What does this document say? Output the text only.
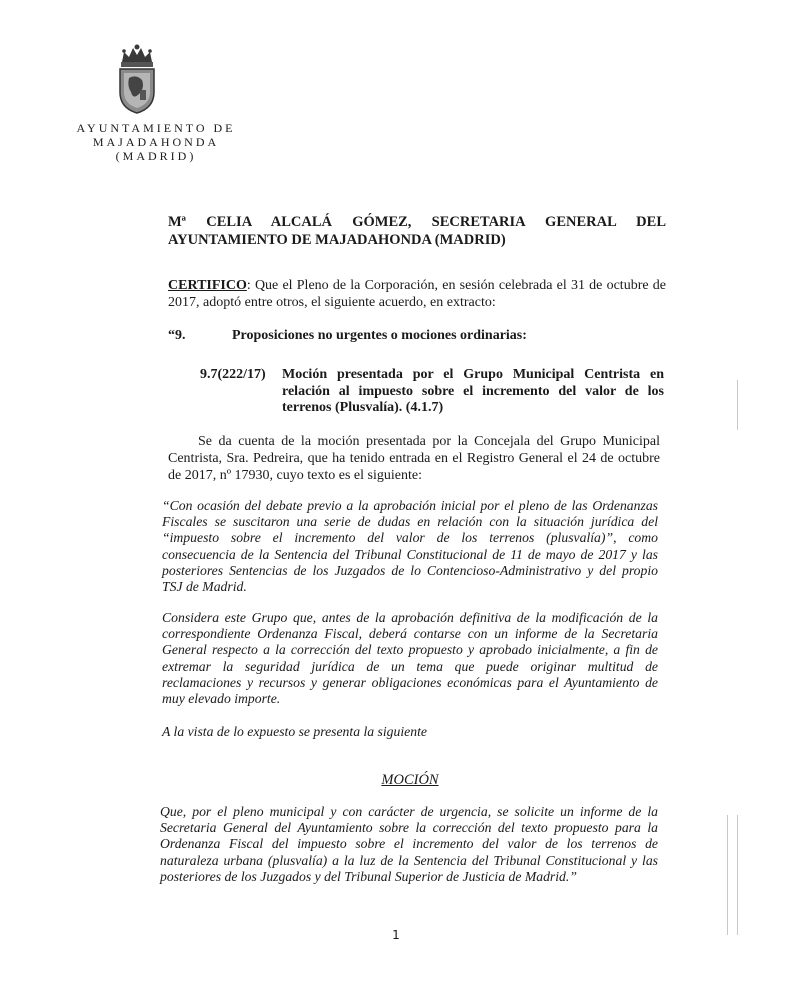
AYUNTAMIENTO DE
MAJADAHONDA
(MADRID)
Mª CELIA ALCALÁ GÓMEZ, SECRETARIA GENERAL DEL
AYUNTAMIENTO DE MAJADAHONDA (MADRID)
CERTIFICO: Que el Pleno de la Corporación, en sesión celebrada el 31 de octubre de
2017, adoptó entre otros, el siguiente acuerdo, en extracto:
“9.	Proposiciones no urgentes o mociones ordinarias:
9.7(222/17) Moción presentada por el Grupo Municipal Centrista en
relación al impuesto sobre el incremento del valor de los
terrenos (Plusvalía). (4.1.7)
Se da cuenta de la moción presentada por la Concejala del Grupo Municipal
Centrista, Sra. Pedreira, que ha tenido entrada en el Registro General el 24 de octubre
de 2017, nº 17930, cuyo texto es el siguiente:
“Con ocasión del debate previo a la aprobación inicial por el pleno de las Ordenanzas
Fiscales se suscitaron una serie de dudas en relación con la situación jurídica del
“impuesto sobre el incremento del valor de los terrenos (plusvalía)”, como
consecuencia de la Sentencia del Tribunal Constitucional de 11 de mayo de 2017 y las
posteriores Sentencias de los Juzgados de lo Contencioso-Administrativo y del propio
TSJ de Madrid.
Considera este Grupo que, antes de la aprobación definitiva de la modificación de la
correspondiente Ordenanza Fiscal, deberá contarse con un informe de la Secretaria
General respecto a la corrección del texto propuesto y aprobado inicialmente, a fin de
extremar la seguridad jurídica de un tema que puede originar multitud de
reclamaciones y recursos y generar obligaciones económicas para el Ayuntamiento de
muy elevado importe.
A la vista de lo expuesto se presenta la siguiente
MOCIÓN
Que, por el pleno municipal y con carácter de urgencia, se solicite un informe de la
Secretaria General del Ayuntamiento sobre la corrección del texto propuesto para la
Ordenanza Fiscal del impuesto sobre el incremento del valor de los terrenos de
naturaleza urbana (plusvalía) a la luz de la Sentencia del Tribunal Constitucional y las
posteriores de los Juzgados y del Tribunal Superior de Justicia de Madrid.”
1
